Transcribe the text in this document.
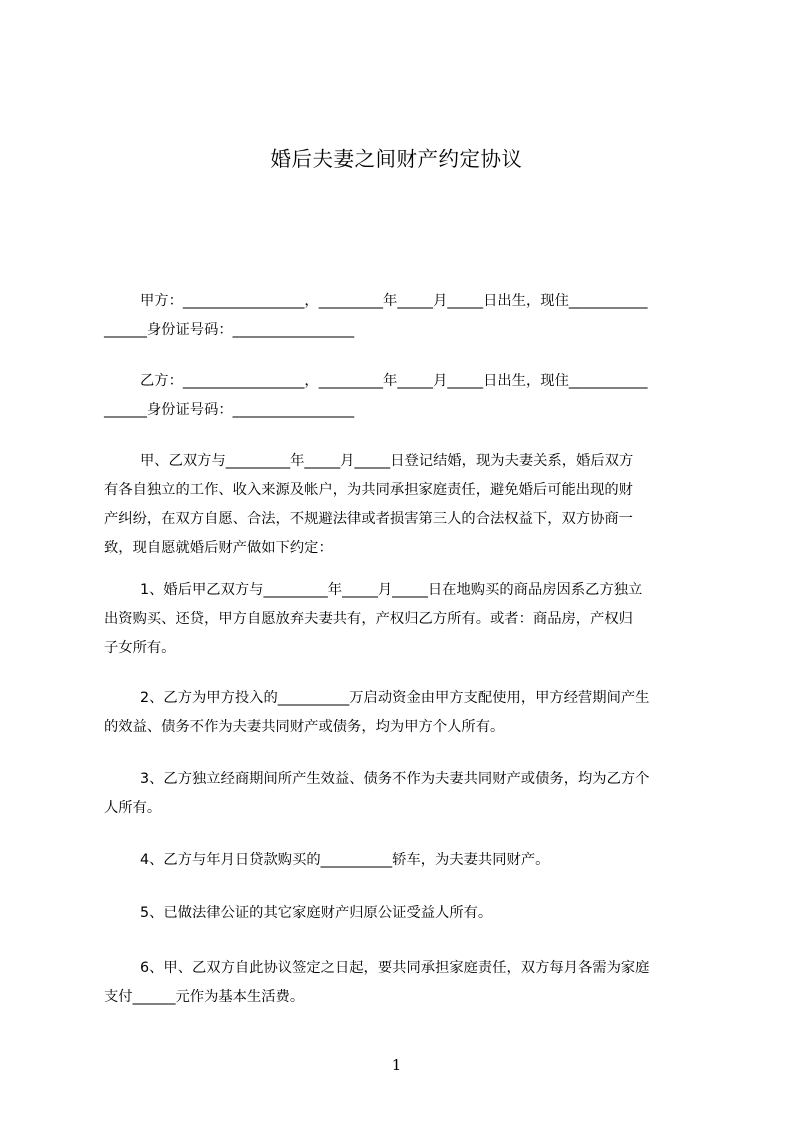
婚后夫妻之间财产约定协议
甲方：_________________，_________年_____月_____日出生，现住___________
______身份证号码：_________________
乙方：_________________，_________年_____月_____日出生，现住___________
______身份证号码：_________________
甲、乙双方与_________年_____月_____日登记结婚，现为夫妻关系，婚后双方
有各自独立的工作、收入来源及帐户，为共同承担家庭责任，避免婚后可能出现的财
产纠纷，在双方自愿、合法，不规避法律或者损害第三人的合法权益下，双方协商一
致，现自愿就婚后财产做如下约定：
1、婚后甲乙双方与_________年_____月_____日在地购买的商品房因系乙方独立
出资购买、还贷，甲方自愿放弃夫妻共有，产权归乙方所有。或者：商品房，产权归
子女所有。
2、乙方为甲方投入的__________万启动资金由甲方支配使用，甲方经营期间产生
的效益、债务不作为夫妻共同财产或债务，均为甲方个人所有。
3、乙方独立经商期间所产生效益、债务不作为夫妻共同财产或债务，均为乙方个
人所有。
4、乙方与年月日贷款购买的__________轿车，为夫妻共同财产。
5、已做法律公证的其它家庭财产归原公证受益人所有。
6、甲、乙双方自此协议签定之日起，要共同承担家庭责任，双方每月各需为家庭
支付______元作为基本生活费。
1
